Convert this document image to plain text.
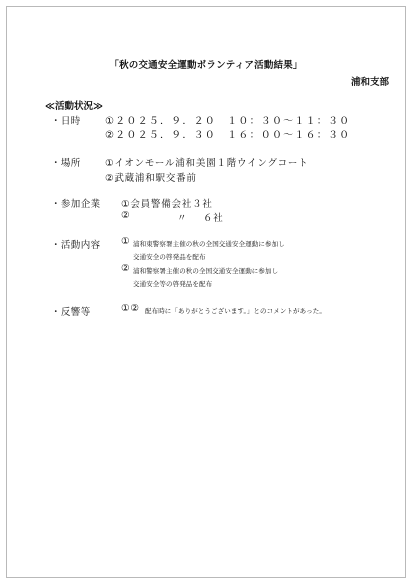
「秋の交通安全運動ボランティア活動結果」
浦和支部
≪活動状況≫
・日時 ①２０２５．９．２０　１０：３０～１１：３０
②２０２５．９．３０　１６：００～１６：３０
・場所	①イオンモール浦和美園１階ウイングコート
②武蔵浦和駅交番前
・参加企業 ①会員警備会社３社
②	〃 ６社
・活動内容 ① 浦和東警察署主催の秋の全国交通安全運動に参加し
交通安全の啓発品を配布
② 浦和警察署主催の秋の全国交通安全運動に参加し
交通安全等の啓発品を配布
・反響等	①② 配布時に「ありがとうございます。」とのコメントがあった。
